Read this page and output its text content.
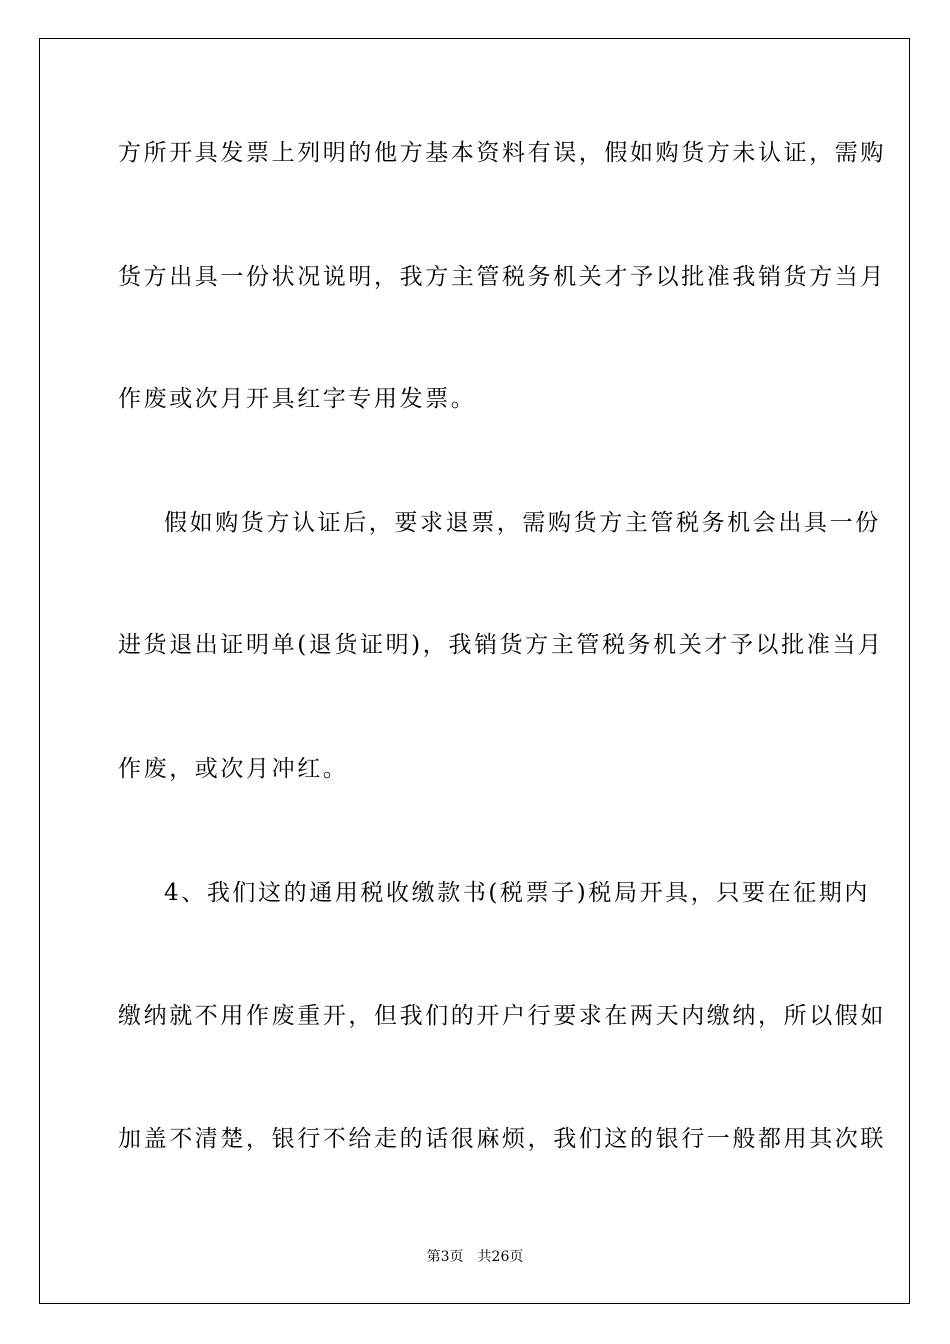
方所开具发票上列明的他方基本资料有误，假如购货方未认证，需购

货方出具一份状况说明，我方主管税务机关才予以批准我销货方当月

作废或次月开具红字专用发票。

假如购货方认证后，要求退票，需购货方主管税务机会出具一份

进货退出证明单(退货证明)，我销货方主管税务机关才予以批准当月

作废，或次月冲红。

4、我们这的通用税收缴款书(税票子)税局开具，只要在征期内

缴纳就不用作废重开，但我们的开户行要求在两天内缴纳，所以假如

加盖不清楚，银行不给走的话很麻烦，我们这的银行一般都用其次联

第3页 共26页
